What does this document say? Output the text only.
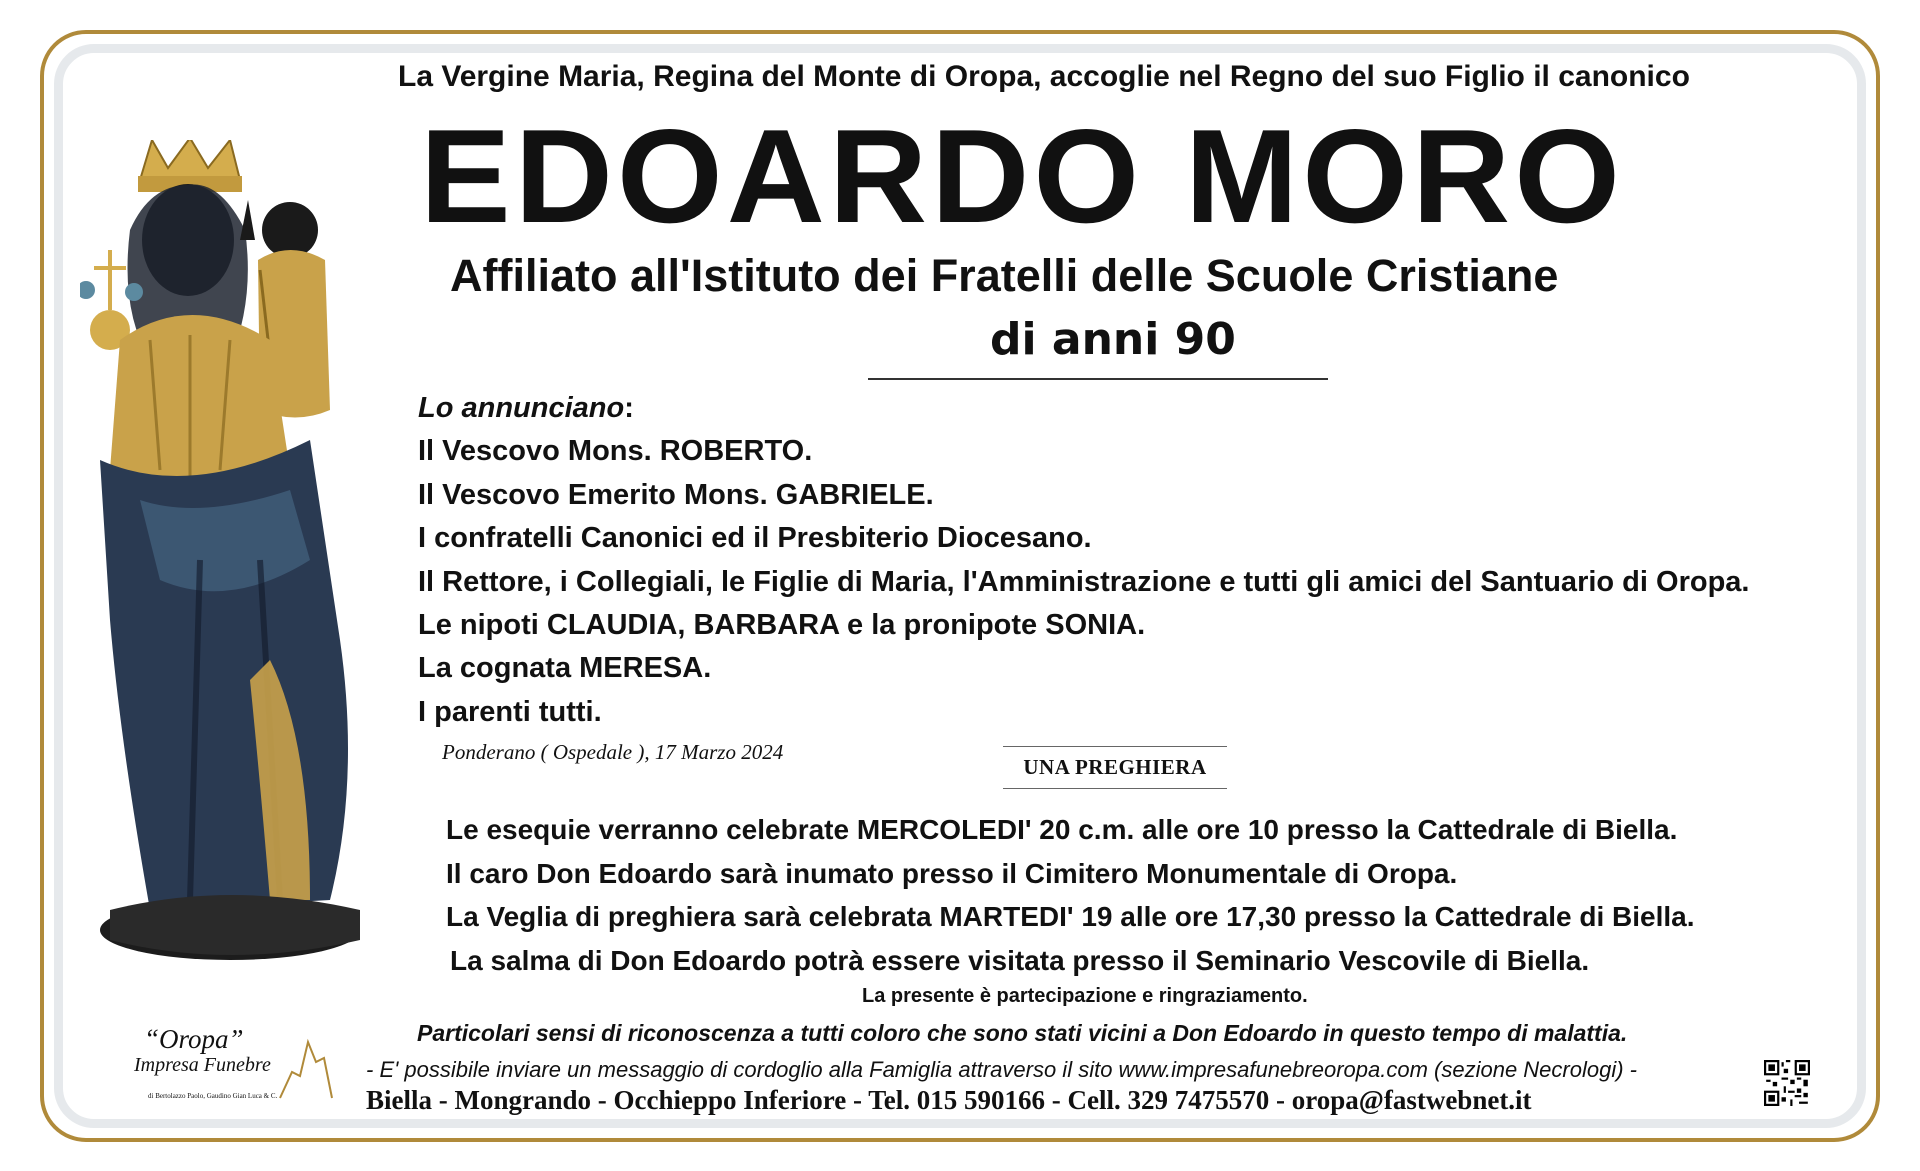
La Vergine Maria, Regina del Monte di Oropa, accoglie nel Regno del suo Figlio il canonico
EDOARDO MORO
Affiliato all'Istituto dei Fratelli delle Scuole Cristiane
di anni 90
Lo annunciano:
Il Vescovo Mons. ROBERTO.
Il Vescovo Emerito Mons. GABRIELE.
I confratelli Canonici ed il Presbiterio Diocesano.
Il Rettore, i Collegiali, le Figlie di Maria, l'Amministrazione e tutti gli amici del Santuario di Oropa.
Le nipoti CLAUDIA, BARBARA e la pronipote SONIA.
La cognata MERESA.
I parenti tutti.
Ponderano ( Ospedale ), 17 Marzo 2024
UNA PREGHIERA
Le esequie verranno celebrate MERCOLEDI' 20 c.m. alle ore 10 presso la Cattedrale di Biella.
Il caro Don Edoardo sarà inumato presso il Cimitero Monumentale di Oropa.
La Veglia di preghiera sarà celebrata MARTEDI' 19 alle ore 17,30 presso la Cattedrale di Biella.
La salma di Don Edoardo potrà essere visitata presso il Seminario Vescovile di Biella.
La presente è partecipazione e ringraziamento.
Particolari sensi di riconoscenza a tutti coloro che sono stati vicini a Don Edoardo in questo tempo di malattia.
- E' possibile inviare un messaggio di cordoglio alla Famiglia attraverso il sito www.impresafunebreoropa.com (sezione Necrologi) -
Biella - Mongrando - Occhieppo Inferiore - Tel. 015 590166 - Cell. 329 7475570 - oropa@fastwebnet.it
“Oropa”
Impresa Funebre
di Bertolazzo Paolo, Gaudino Gian Luca & C.
